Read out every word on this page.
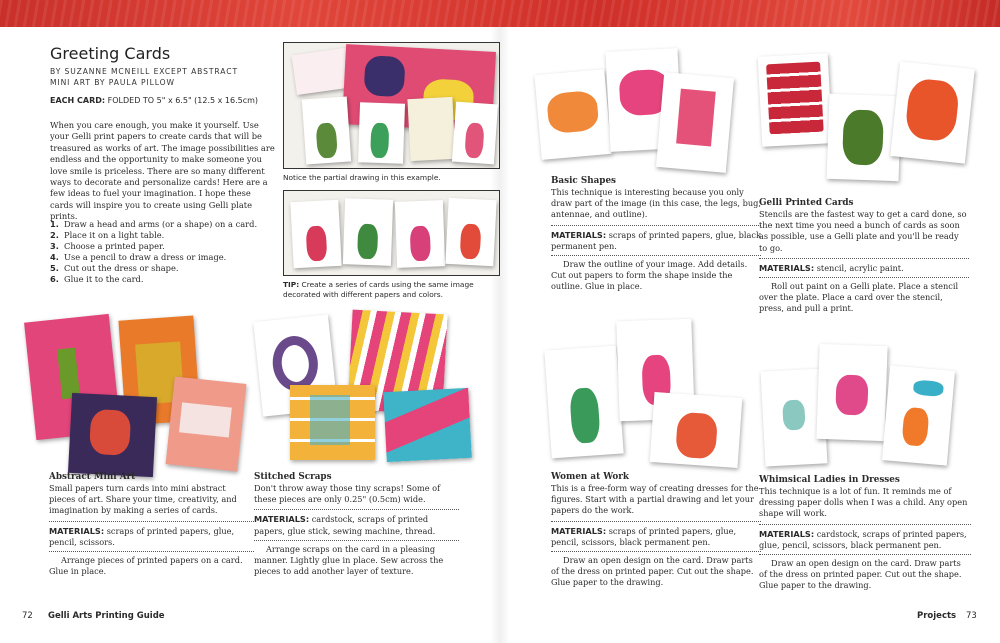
Greeting Cards
BY SUZANNE MCNEILL EXCEPT ABSTRACT MINI ART BY PAULA PILLOW
EACH CARD: FOLDED TO 5" x 6.5" (12.5 x 16.5cm)

When you care enough, you make it yourself. Use your Gelli print papers to create cards that will be treasured as works of art. The image possibilities are endless and the opportunity to make someone you love smile is priceless. There are so many different ways to decorate and personalize cards! Here are a few ideas to fuel your imagination. I hope these cards will inspire you to create using Gelli plate prints.

1. Draw a head and arms (or a shape) on a card.
2. Place it on a light table.
3. Choose a printed paper.
4. Use a pencil to draw a dress or image.
5. Cut out the dress or shape.
6. Glue it to the card.
Notice the partial drawing in this example.
TIP: Create a series of cards using the same image decorated with different papers and colors.
Abstract Mini Art

Small papers turn cards into mini abstract pieces of art. Share your time, creativity, and imagination by making a series of cards.

MATERIALS: scraps of printed papers, glue, pencil, scissors.

Arrange pieces of printed papers on a card. Glue in place.

Stitched Scraps

Don't throw away those tiny scraps! Some of these pieces are only 0.25" (0.5cm) wide.

MATERIALS: cardstock, scraps of printed papers, glue stick, sewing machine, thread.

Arrange scraps on the card in a pleasing manner. Lightly glue in place. Sew across the pieces to add another layer of texture.

72 Gelli Arts Printing Guide
Basic Shapes

This technique is interesting because you only draw part of the image (in this case, the legs, bug, antennae, and outline).

MATERIALS: scraps of printed papers, glue, black permanent pen.

Draw the outline of your image. Add details. Cut out papers to form the shape inside the outline. Glue in place.

Gelli Printed Cards

Stencils are the fastest way to get a card done, so the next time you need a bunch of cards as soon as possible, use a Gelli plate and you'll be ready to go.

MATERIALS: stencil, acrylic paint.

Roll out paint on a Gelli plate. Place a stencil over the plate. Place a card over the stencil, press, and pull a print.

Women at Work

This is a free-form way of creating dresses for the figures. Start with a partial drawing and let your papers do the work.

MATERIALS: scraps of printed papers, glue, pencil, scissors, black permanent pen.

Draw an open design on the card. Draw parts of the dress on printed paper. Cut out the shape. Glue paper to the drawing.

Whimsical Ladies in Dresses

This technique is a lot of fun. It reminds me of dressing paper dolls when I was a child. Any open shape will work.

MATERIALS: cardstock, scraps of printed papers, glue, pencil, scissors, black permanent pen.

Draw an open design on the card. Draw parts of the dress on printed paper. Cut out the shape. Glue paper to the drawing.

Projects 73
